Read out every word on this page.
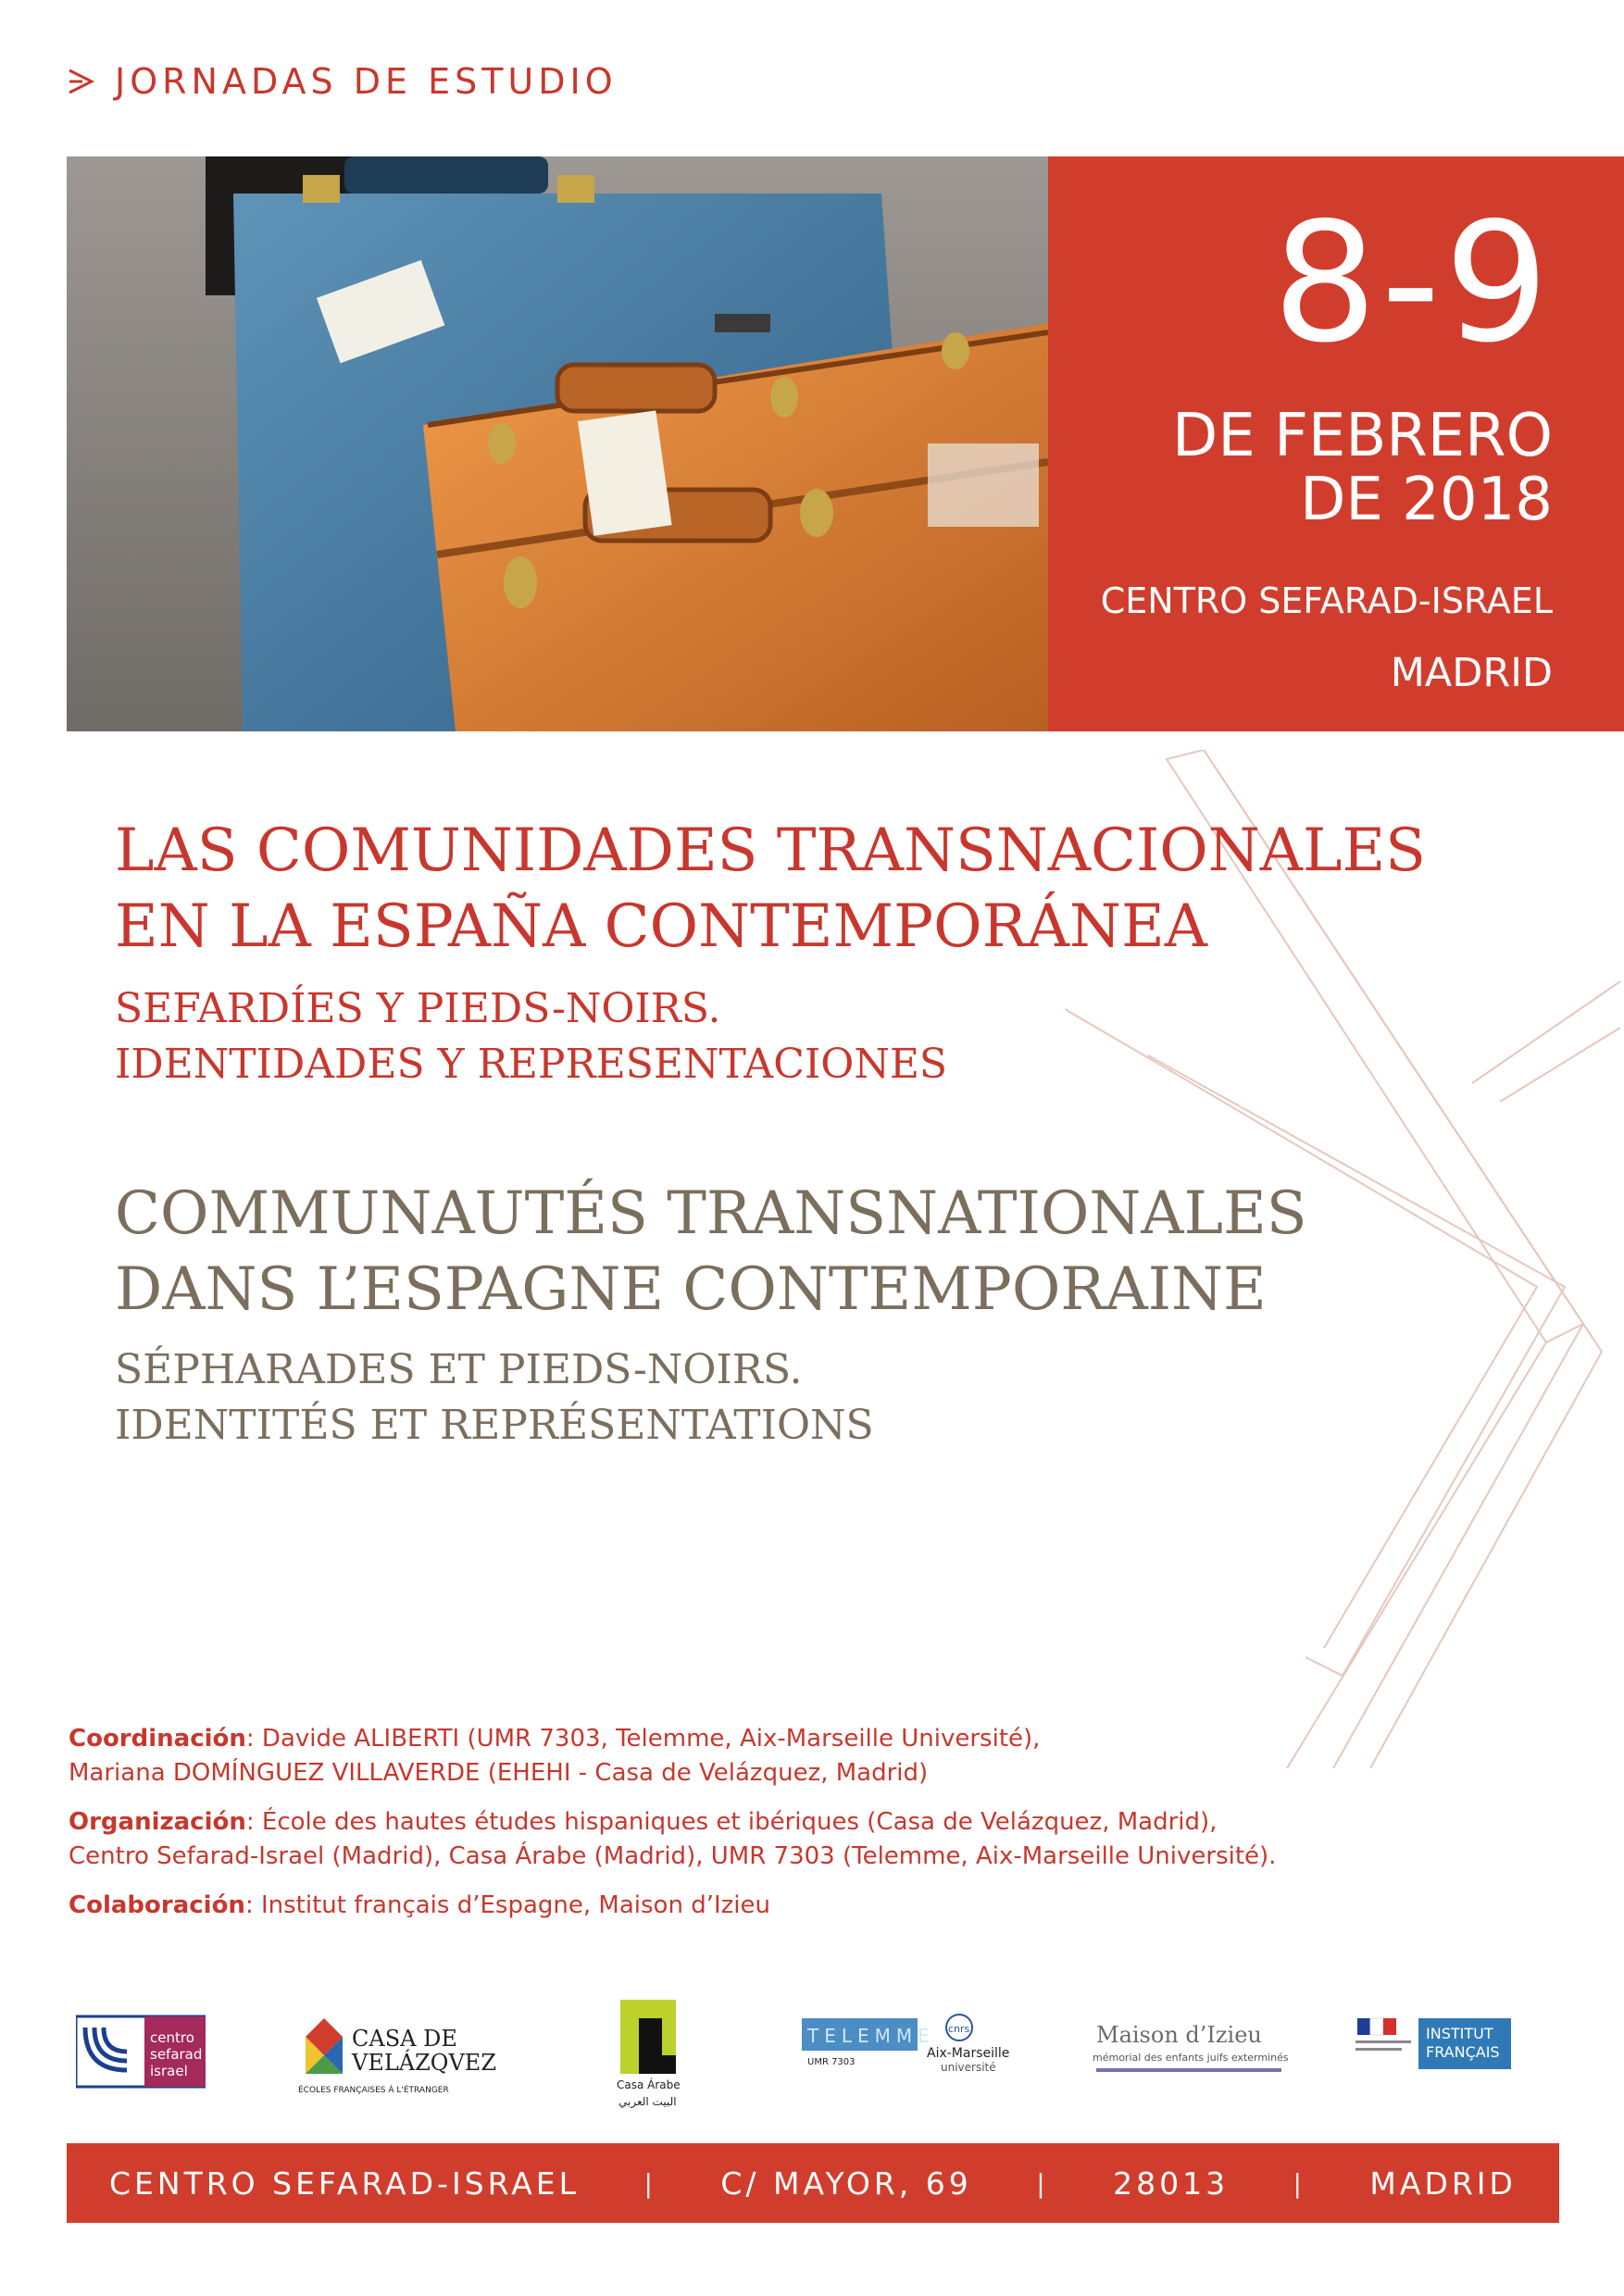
JORNADAS DE ESTUDIO
8-9
DE FEBRERO
DE 2018
CENTRO SEFARAD-ISRAEL
MADRID
LAS COMUNIDADES TRANSNACIONALES
EN LA ESPAÑA CONTEMPORÁNEA
SEFARDÍES Y PIEDS-NOIRS.
IDENTIDADES Y REPRESENTACIONES
COMMUNAUTÉS TRANSNATIONALES
DANS L’ESPAGNE CONTEMPORAINE
SÉPHARADES ET PIEDS-NOIRS.
IDENTITÉS ET REPRÉSENTATIONS
Coordinación: Davide ALIBERTI (UMR 7303, Telemme, Aix-Marseille Université),
Mariana DOMÍNGUEZ VILLAVERDE (EHEHI - Casa de Velázquez, Madrid)
Organización: École des hautes études hispaniques et ibériques (Casa de Velázquez, Madrid),
Centro Sefarad-Israel (Madrid), Casa Árabe (Madrid), UMR 7303 (Telemme, Aix-Marseille Université).
Colaboración: Institut français d’Espagne, Maison d’Izieu
centro
sefarad
israel
CASA DE
VELÁZQVEZ
ÉCOLES FRANÇAISES À L'ÉTRANGER	Casa Árabe
البيت العربي
TELEMME
UMR 7303
cnrs
Aix-Marseille
université
Maison d’Izieu
mémorial des enfants juifs exterminés
INSTITUT
FRANÇAIS
CENTRO SEFARAD-ISRAEL | C/ MAYOR, 69 | 28013 | MADRID
